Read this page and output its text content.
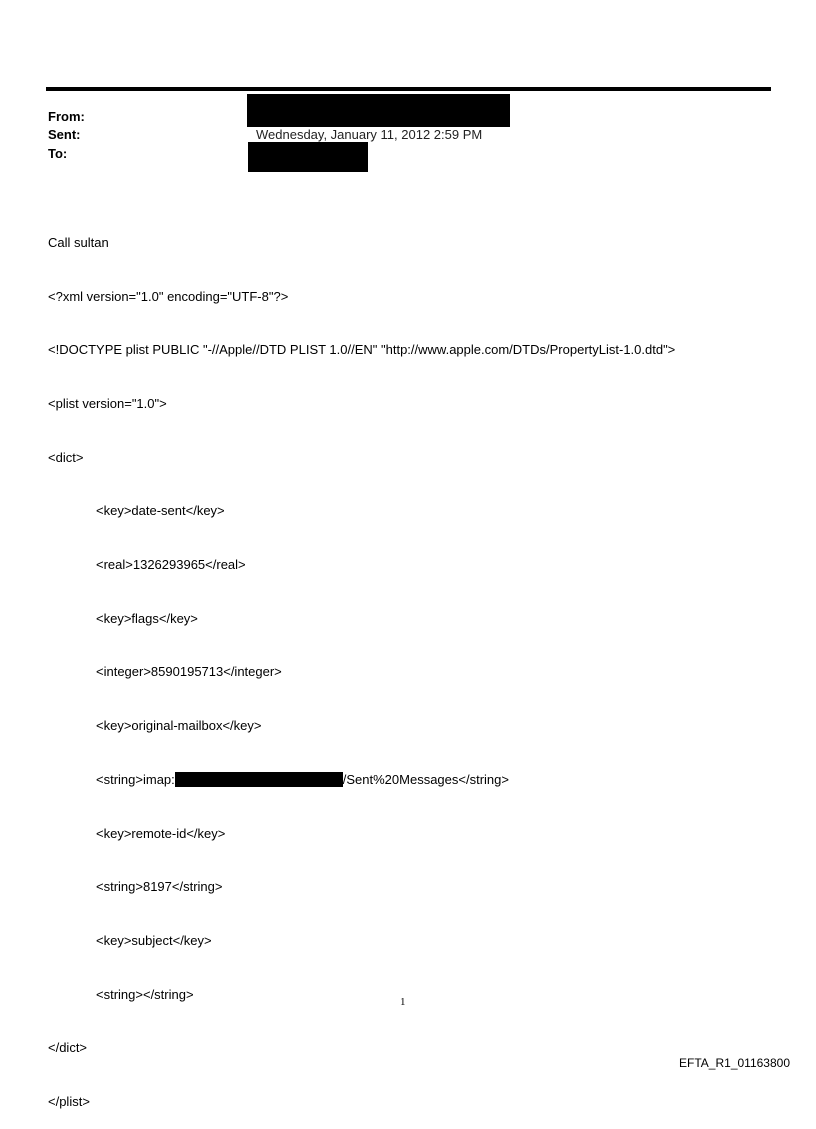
From:
Sent:	Wednesday, January 11, 2012 2:59 PM
To:

Call sultan

<?xml version="1.0" encoding="UTF-8"?>

<!DOCTYPE plist PUBLIC "-//Apple//DTD PLIST 1.0//EN" "http://www.apple.com/DTDs/PropertyList-1.0.dtd">

<plist version="1.0">

<dict>

<key>date-sent</key>

<real>1326293965</real>

<key>flags</key>

<integer>8590195713</integer>

<key>original-mailbox</key>

<string>imap:	/Sent%20Messages</string>

<key>remote-id</key>

<string>8197</string>

<key>subject</key>

<string></string>

</dict>

</plist>

1
EFTA_R1_01163800
